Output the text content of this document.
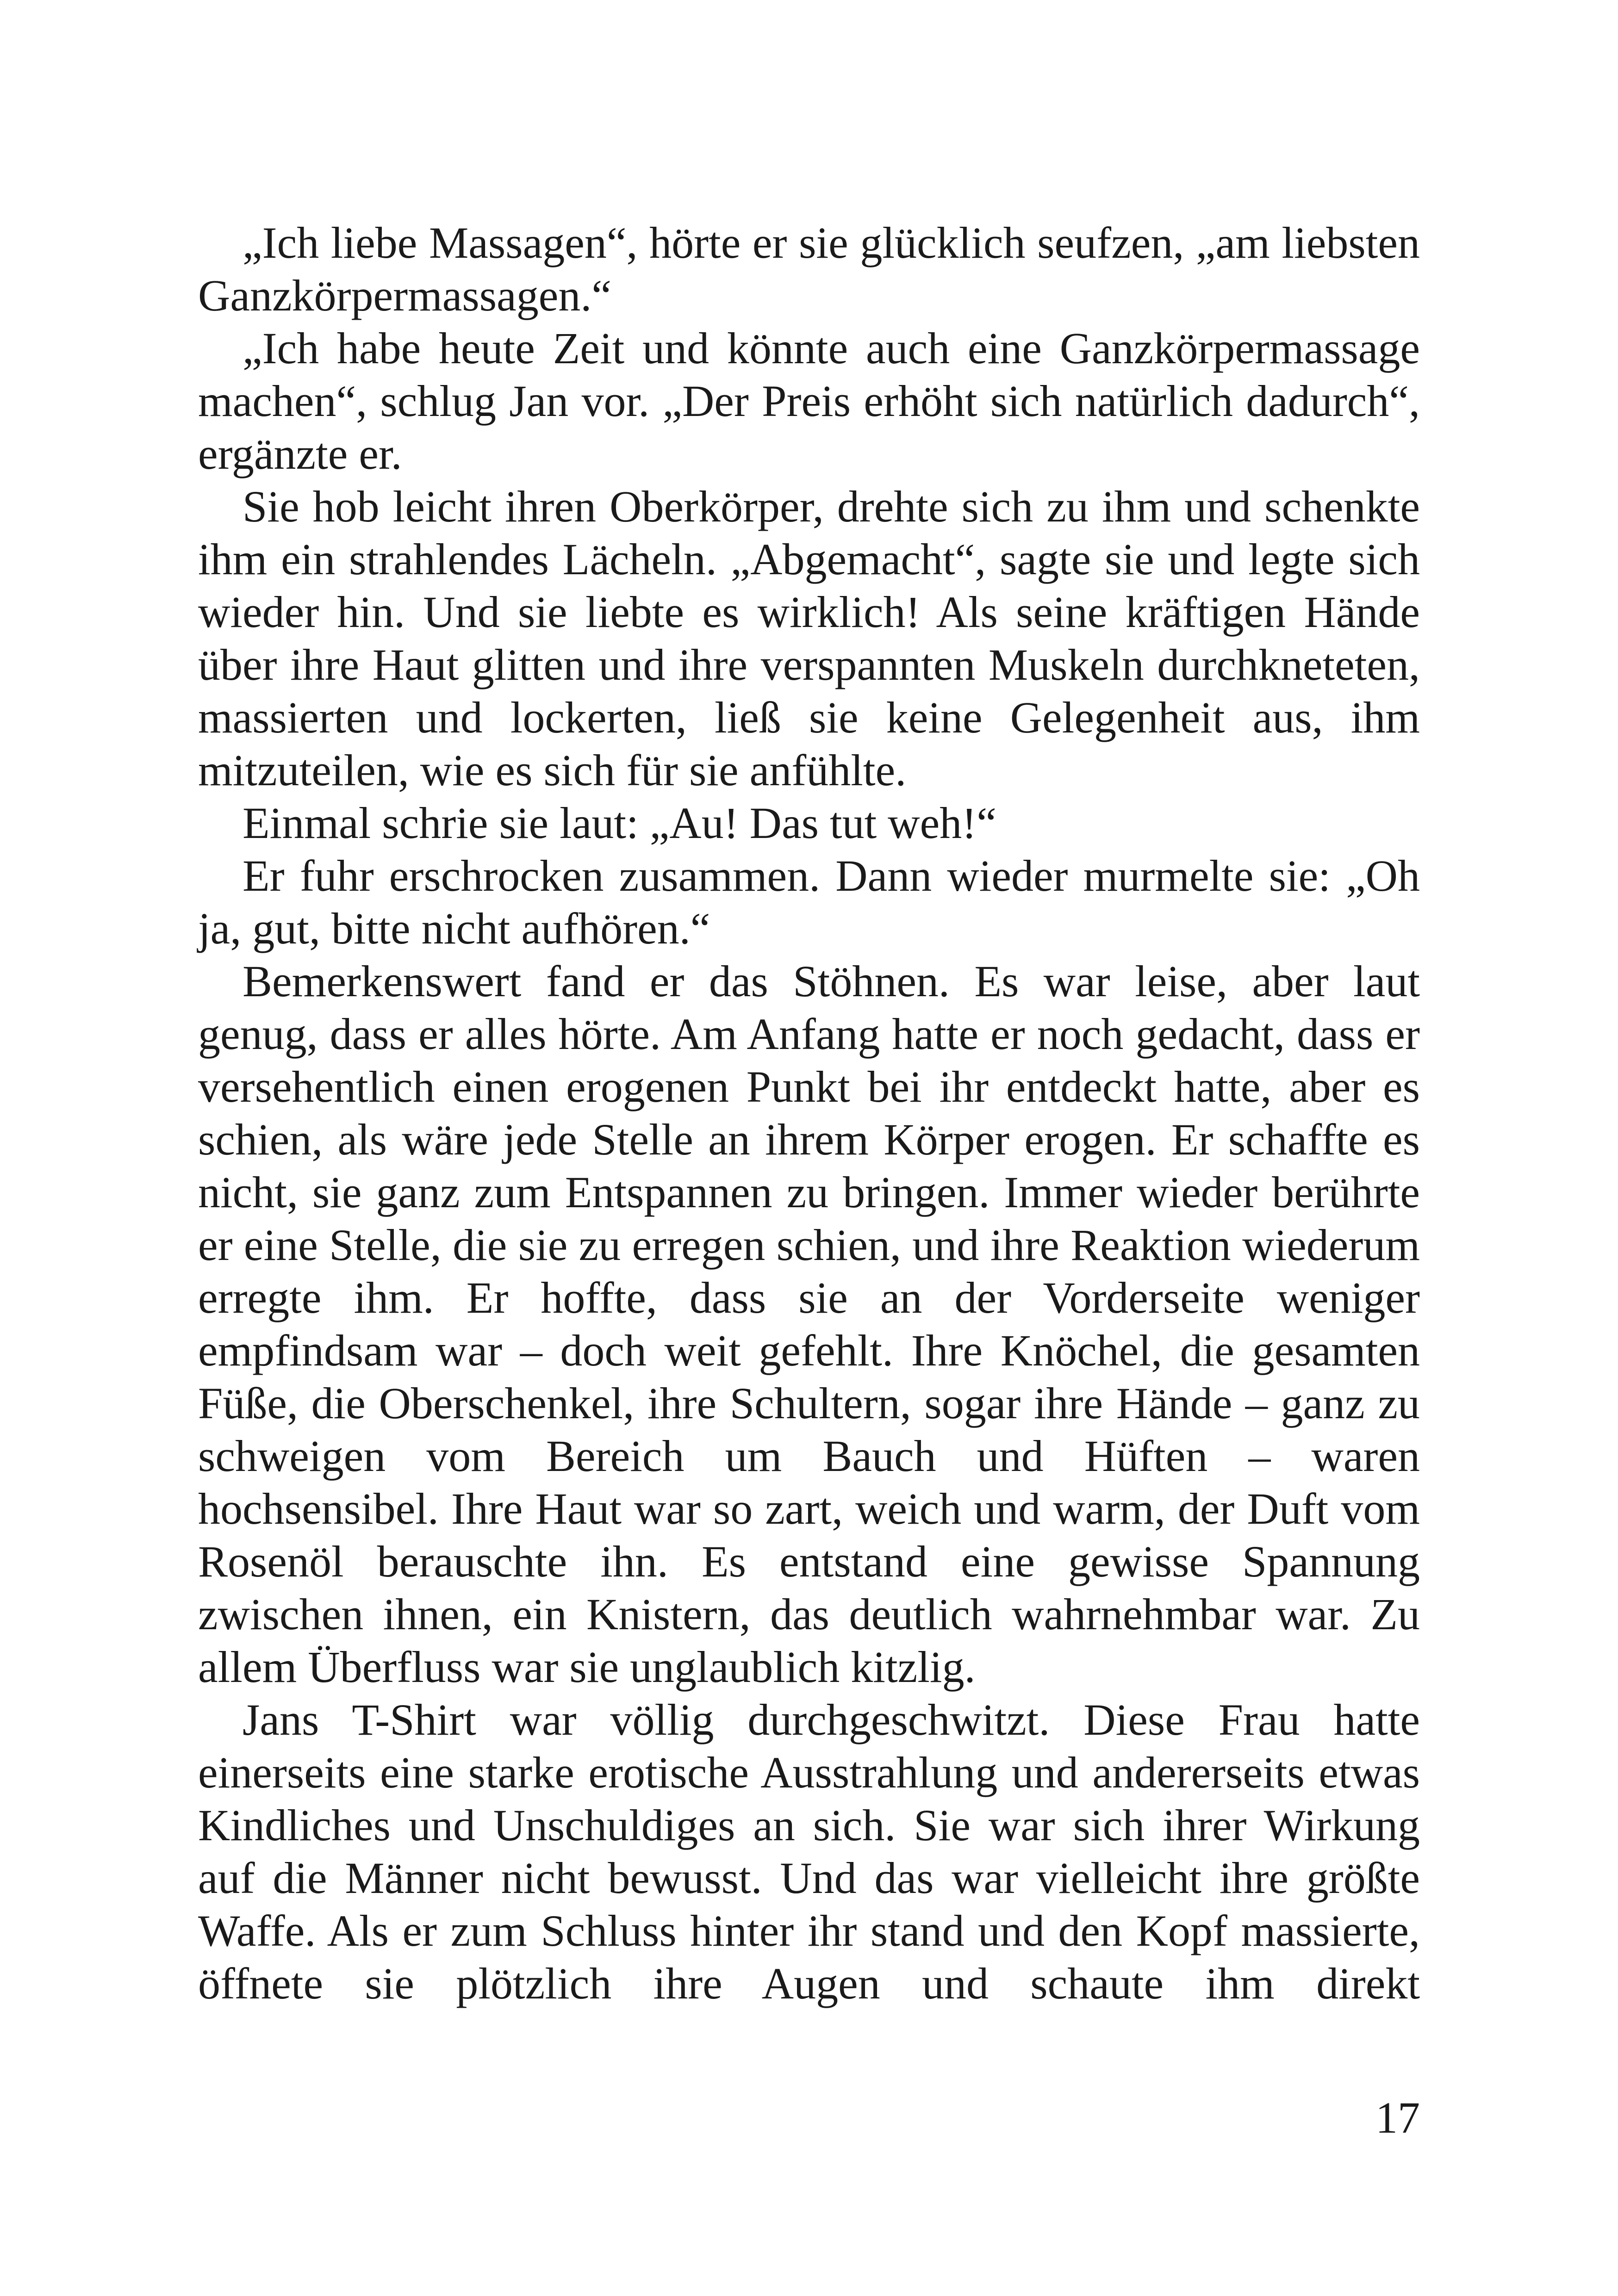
„Ich liebe Massagen“, hörte er sie glücklich seufzen, „am liebsten Ganzkörpermassagen.“

„Ich habe heute Zeit und könnte auch eine Ganzkörpermassage machen“, schlug Jan vor. „Der Preis erhöht sich natürlich dadurch“, ergänzte er.

Sie hob leicht ihren Oberkörper, drehte sich zu ihm und schenkte ihm ein strahlendes Lächeln. „Abgemacht“, sagte sie und legte sich wieder hin. Und sie liebte es wirklich! Als seine kräftigen Hände über ihre Haut glitten und ihre verspannten Muskeln durchkneteten, massierten und lockerten, ließ sie keine Gelegenheit aus, ihm mitzuteilen, wie es sich für sie anfühlte.

Einmal schrie sie laut: „Au! Das tut weh!“

Er fuhr erschrocken zusammen. Dann wieder murmelte sie: „Oh ja, gut, bitte nicht aufhören.“

Bemerkenswert fand er das Stöhnen. Es war leise, aber laut genug, dass er alles hörte. Am Anfang hatte er noch gedacht, dass er versehentlich einen erogenen Punkt bei ihr entdeckt hatte, aber es schien, als wäre jede Stelle an ihrem Körper erogen. Er schaffte es nicht, sie ganz zum Entspannen zu bringen. Immer wieder berührte er eine Stelle, die sie zu erregen schien, und ihre Reaktion wiederum erregte ihm. Er hoffte, dass sie an der Vorderseite weniger empfindsam war – doch weit gefehlt. Ihre Knöchel, die gesamten Füße, die Oberschenkel, ihre Schultern, sogar ihre Hände – ganz zu schweigen vom Bereich um Bauch und Hüften – waren hochsensibel. Ihre Haut war so zart, weich und warm, der Duft vom Rosenöl berauschte ihn. Es entstand eine gewisse Spannung zwischen ihnen, ein Knistern, das deutlich wahrnehmbar war. Zu allem Überfluss war sie unglaublich kitzlig.

Jans T-Shirt war völlig durchgeschwitzt. Diese Frau hatte einerseits eine starke erotische Ausstrahlung und andererseits etwas Kindliches und Unschuldiges an sich. Sie war sich ihrer Wirkung auf die Männer nicht bewusst. Und das war vielleicht ihre größte Waffe. Als er zum Schluss hinter ihr stand und den Kopf massierte, öffnete sie plötzlich ihre Augen und schaute ihm direkt

17
